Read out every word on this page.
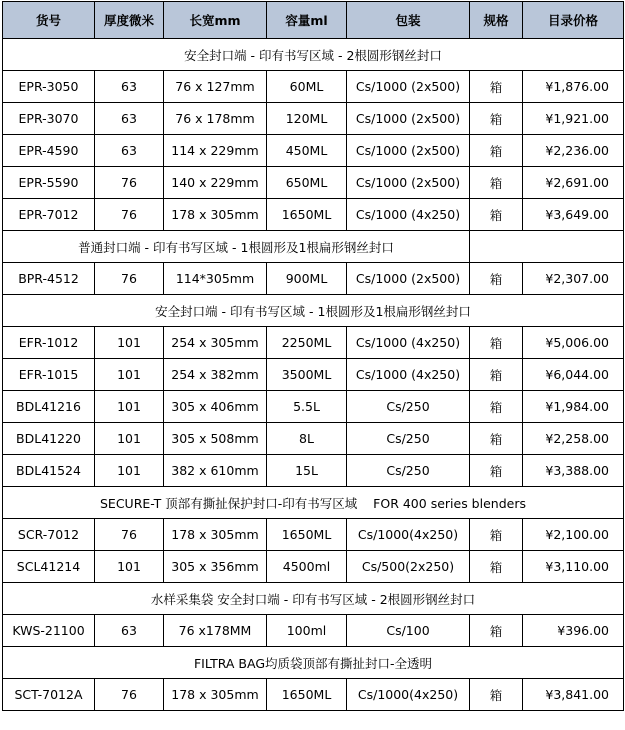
货号	厚度微米	长宽mm	容量ml	包装	规格	目录价格
安全封口端 - 印有书写区域 - 2根圆形钢丝封口						
EPR-3050	63	76 x 127mm	60ML	Cs/1000 (2x500)	箱	¥1,876.00
EPR-3070	63	76 x 178mm	120ML	Cs/1000 (2x500)	箱	¥1,921.00
EPR-4590	63	114 x 229mm	450ML	Cs/1000 (2x500)	箱	¥2,236.00
EPR-5590	76	140 x 229mm	650ML	Cs/1000 (2x500)	箱	¥2,691.00
EPR-7012	76	178 x 305mm	1650ML	Cs/1000 (4x250)	箱	¥3,649.00
普通封口端 - 印有书写区域 - 1根圆形及1根扁形钢丝封口						
BPR-4512	76	114*305mm	900ML	Cs/1000 (2x500)	箱	¥2,307.00
安全封口端 - 印有书写区域 - 1根圆形及1根扁形钢丝封口						
EFR-1012	101	254 x 305mm	2250ML	Cs/1000 (4x250)	箱	¥5,006.00
EFR-1015	101	254 x 382mm	3500ML	Cs/1000 (4x250)	箱	¥6,044.00
BDL41216	101	305 x 406mm	5.5L	Cs/250	箱	¥1,984.00
BDL41220	101	305 x 508mm	8L	Cs/250	箱	¥2,258.00
BDL41524	101	382 x 610mm	15L	Cs/250	箱	¥3,388.00
SECURE-T 顶部有撕扯保护封口-印有书写区域    FOR 400 series blenders						
SCR-7012	76	178 x 305mm	1650ML	Cs/1000(4x250)	箱	¥2,100.00
SCL41214	101	305 x 356mm	4500ml	Cs/500(2x250)	箱	¥3,110.00
水样采集袋 安全封口端 - 印有书写区域 - 2根圆形钢丝封口						
KWS-21100	63	76 x178MM	100ml	Cs/100	箱	¥396.00
FILTRA BAG均质袋顶部有撕扯封口-全透明						
SCT-7012A	76	178 x 305mm	1650ML	Cs/1000(4x250)	箱	¥3,841.00
